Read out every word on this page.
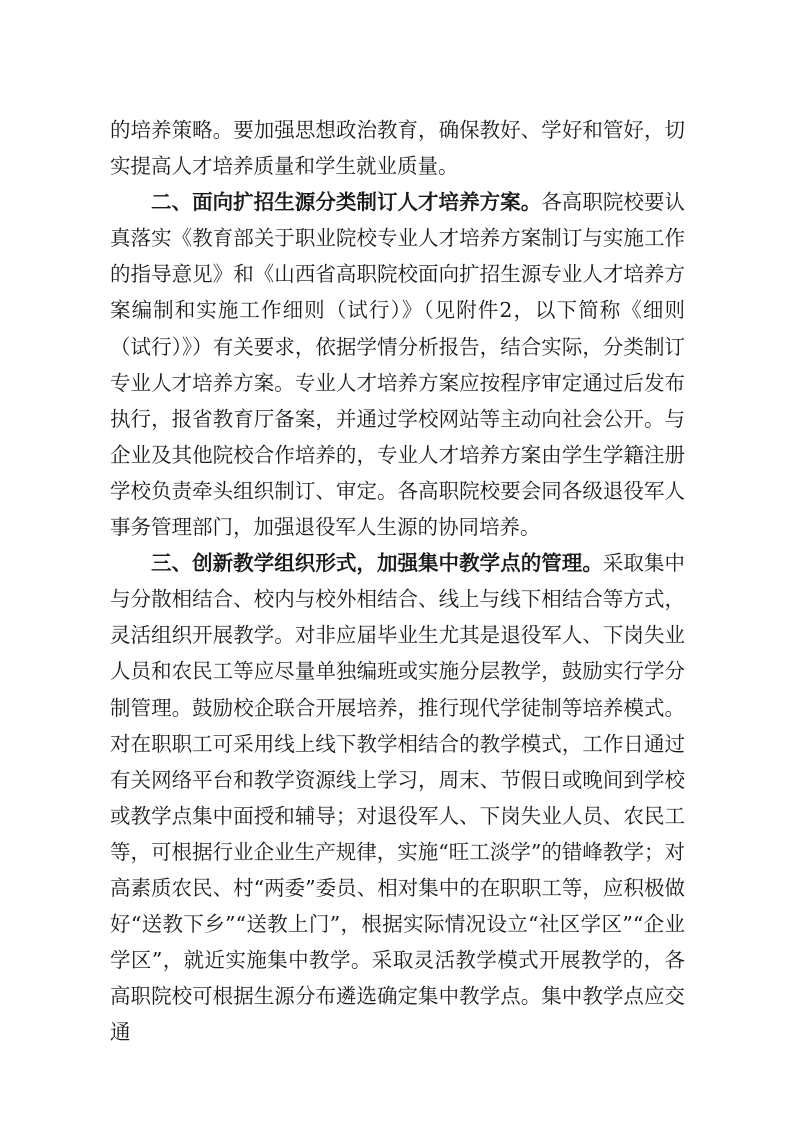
的培养策略。要加强思想政治教育，确保教好、学好和管好，切实提高人才培养质量和学生就业质量。

二、面向扩招生源分类制订人才培养方案。各高职院校要认真落实《教育部关于职业院校专业人才培养方案制订与实施工作的指导意见》和《山西省高职院校面向扩招生源专业人才培养方案编制和实施工作细则（试行）》（见附件2，以下简称《细则（试行）》）有关要求，依据学情分析报告，结合实际，分类制订专业人才培养方案。专业人才培养方案应按程序审定通过后发布执行，报省教育厅备案，并通过学校网站等主动向社会公开。与企业及其他院校合作培养的，专业人才培养方案由学生学籍注册学校负责牵头组织制订、审定。各高职院校要会同各级退役军人事务管理部门，加强退役军人生源的协同培养。

三、创新教学组织形式，加强集中教学点的管理。采取集中与分散相结合、校内与校外相结合、线上与线下相结合等方式，灵活组织开展教学。对非应届毕业生尤其是退役军人、下岗失业人员和农民工等应尽量单独编班或实施分层教学，鼓励实行学分制管理。鼓励校企联合开展培养，推行现代学徒制等培养模式。对在职职工可采用线上线下教学相结合的教学模式，工作日通过有关网络平台和教学资源线上学习，周末、节假日或晚间到学校或教学点集中面授和辅导；对退役军人、下岗失业人员、农民工等，可根据行业企业生产规律，实施“旺工淡学”的错峰教学；对高素质农民、村“两委”委员、相对集中的在职职工等，应积极做好“送教下乡”“送教上门”，根据实际情况设立“社区学区”“企业学区”，就近实施集中教学。采取灵活教学模式开展教学的，各高职院校可根据生源分布遴选确定集中教学点。集中教学点应交通
